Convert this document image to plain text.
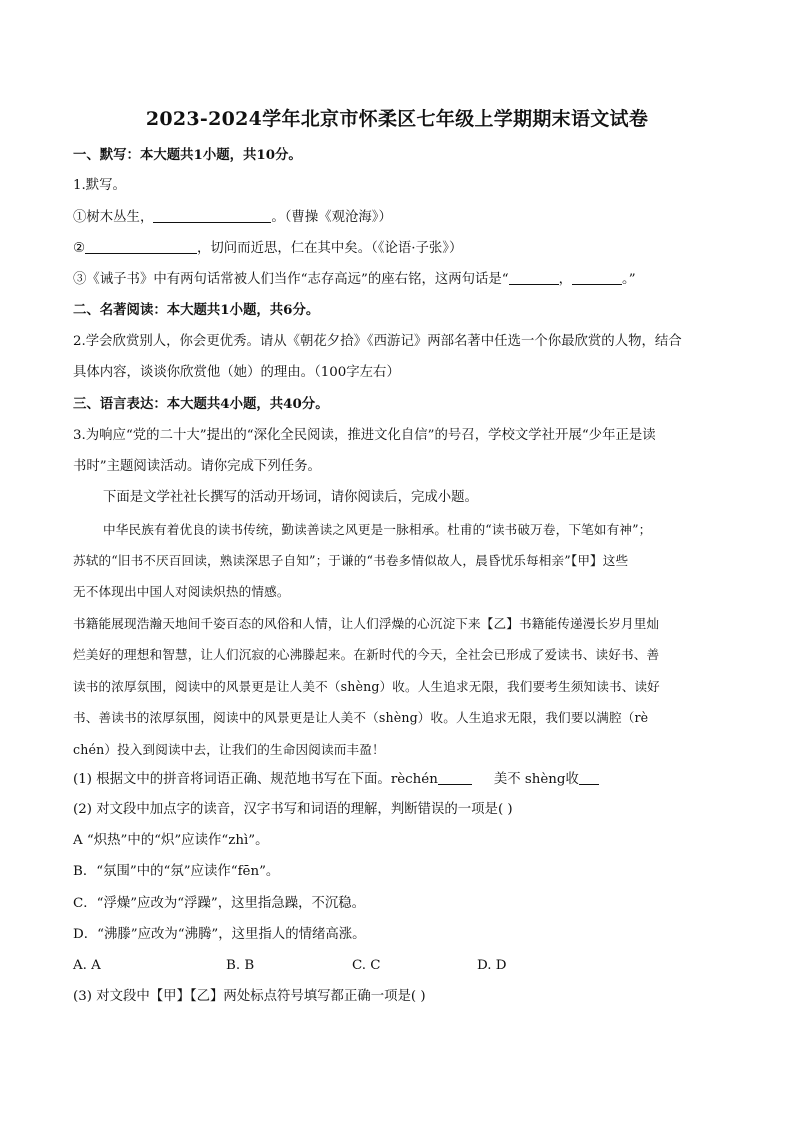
2023-2024学年北京市怀柔区七年级上学期期末语文试卷
一、默写：本大题共1小题，共10分。
1.默写。
①树木丛生，	。（曹操《观沧海》）
②	，切问而近思，仁在其中矣。（《论语·子张》）
③《诫子书》中有两句话常被人们当作“志存高远”的座右铭，这两句话是“	，	。”
二、名著阅读：本大题共1小题，共6分。
2.学会欣赏别人，你会更优秀。请从《朝花夕拾》《西游记》两部名著中任选一个你最欣赏的人物，结合
具体内容，谈谈你欣赏他（她）的理由。（100字左右）
三、语言表达：本大题共4小题，共40分。
3.为响应“党的二十大”提出的“深化全民阅读，推进文化自信”的号召，学校文学社开展“少年正是读
书时”主题阅读活动。请你完成下列任务。
下面是文学社社长撰写的活动开场词，请你阅读后，完成小题。
中华民族有着优良的读书传统，勤读善读之风更是一脉相承。杜甫的“读书破万卷，下笔如有神”；
苏轼的“旧书不厌百回读，熟读深思子自知”；于谦的“书卷多情似故人，晨昏忧乐每相亲”【甲】这些
无不体现出中国人对阅读炽热的情感。
书籍能展现浩瀚天地间千姿百态的风俗和人情，让人们浮燥的心沉淀下来【乙】书籍能传递漫长岁月里灿
烂美好的理想和智慧，让人们沉寂的心沸滕起来。在新时代的今天，全社会已形成了爱读书、读好书、善
读书的浓厚氛围，阅读中的风景更是让人美不（shèng）收。人生追求无限，我们要考生须知读书、读好
书、善读书的浓厚氛围，阅读中的风景更是让人美不（shèng）收。人生追求无限，我们要以满腔（rè
chén）投入到阅读中去，让我们的生命因阅读而丰盈！
(1) 根据文中的拼音将词语正确、规范地书写在下面。rèchén	美不 shèng收
(2) 对文段中加点字的读音，汉字书写和词语的理解，判断错误的一项是( )
A “炽热”中的“炽”应读作“zhì”。
B．“氛围”中的“氛”应读作“fēn”。
C．“浮燥”应改为“浮躁”，这里指急躁，不沉稳。
D．“沸滕”应改为“沸腾”，这里指人的情绪高涨。
A. A	B. B	C. C	D. D
(3) 对文段中【甲】【乙】两处标点符号填写都正确一项是( )
